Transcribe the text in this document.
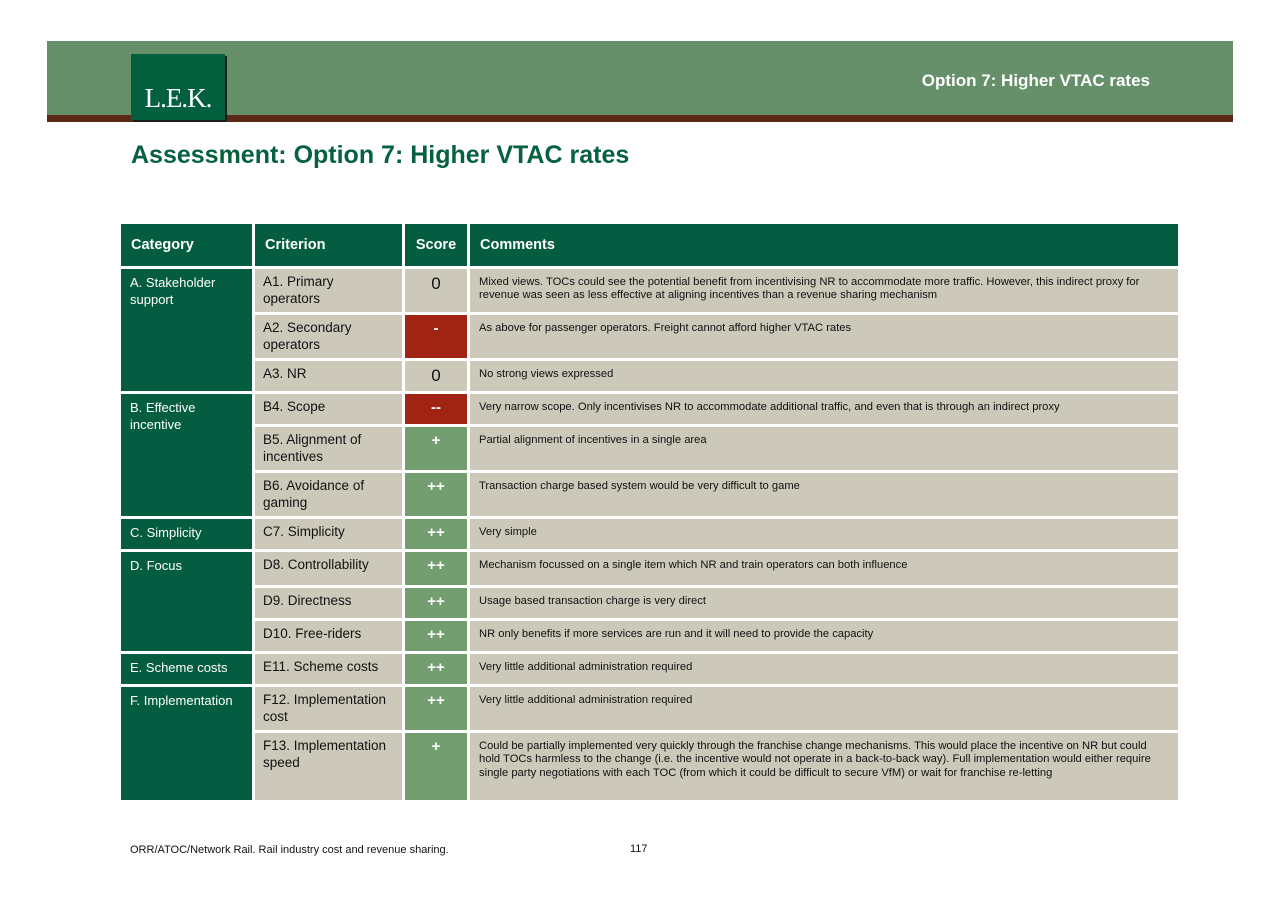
L.E.K.
Option 7: Higher VTAC rates
Assessment: Option 7: Higher VTAC rates
Category	Criterion	Score	Comments
A. Stakeholder support	A1. Primary operators	0	Mixed views. TOCs could see the potential benefit from incentivising NR to accommodate more traffic. However, this indirect proxy for revenue was seen as less effective at aligning incentives than a revenue sharing mechanism
	A2. Secondary operators	-	As above for passenger operators. Freight cannot afford higher VTAC rates
	A3. NR	0	No strong views expressed
B. Effective incentive	B4. Scope	--	Very narrow scope. Only incentivises NR to accommodate additional traffic, and even that is through an indirect proxy
	B5. Alignment of incentives	+	Partial alignment of incentives in a single area
	B6. Avoidance of gaming	++	Transaction charge based system would be very difficult to game
C. Simplicity	C7. Simplicity	++	Very simple
D. Focus	D8. Controllability	++	Mechanism focussed on a single item which NR and train operators can both influence
	D9. Directness	++	Usage based transaction charge is very direct
	D10. Free-riders	++	NR only benefits if more services are run and it will need to provide the capacity
E. Scheme costs	E11. Scheme costs	++	Very little additional administration required
F. Implementation	F12. Implementation cost	++	Very little additional administration required
	F13. Implementation speed	+	Could be partially implemented very quickly through the franchise change mechanisms. This would place the incentive on NR but could hold TOCs harmless to the change (i.e. the incentive would not operate in a back-to-back way). Full implementation would either require single party negotiations with each TOC (from which it could be difficult to secure VfM) or wait for franchise re-letting
ORR/ATOC/Network Rail. Rail industry cost and revenue sharing.	117
